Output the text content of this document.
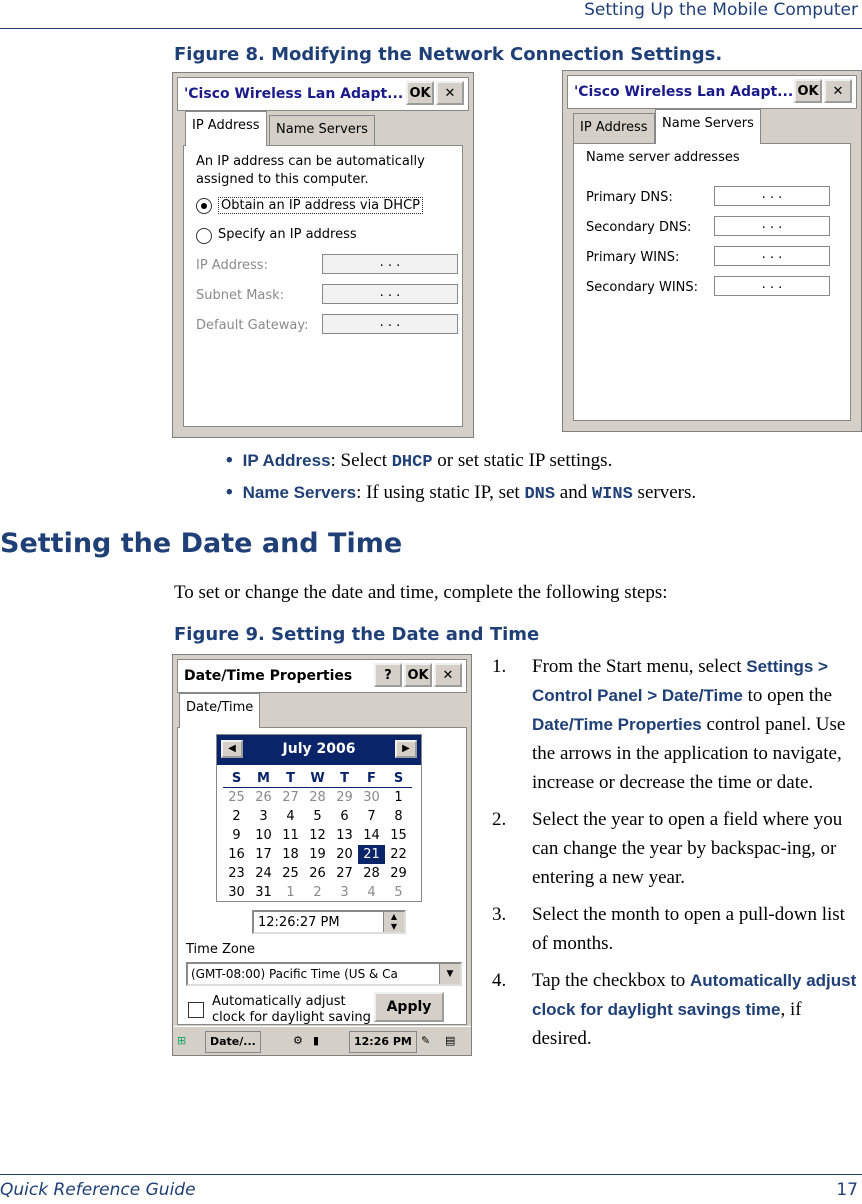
Setting Up the Mobile Computer
Figure 8. Modifying the Network Connection Settings.
'Cisco Wireless Lan Adapt... OK	✕
IP Address	Name Servers
An IP address can be automatically
assigned to this computer.
Obtain an IP address via DHCP
Specify an IP address
IP Address:	. . .
Subnet Mask:	. . .
Default Gateway:	. . .
'Cisco Wireless Lan Adapt... OK	✕
IP Address	Name Servers
Name server addresses
Primary DNS:	. . .
Secondary DNS:	. . .
Primary WINS:	. . .
Secondary WINS:	. . .
• IP Address: Select DHCP or set static IP settings.
• Name Servers: If using static IP, set DNS and WINS servers.
Setting the Date and Time
To set or change the date and time, complete the following steps:
Figure 9. Setting the Date and Time
Date/Time Properties	?	OK	✕
Date/Time
◀	July 2006	▶
S	M	T	W	T	F	S
25 26 27 28 29 30	1
2	3	4	5	6	7	8
9	10 11 12 13 14 15
16 17 18 19 20 21 22
23 24 25 26 27 28 29
30 31	1	2	3	4	5
12:26:27 PM	▲
▼
Time Zone
(GMT-08:00) Pacific Time (US & Ca	▼
Automatically adjust
clock for daylight saving
Apply
⊞	Date/...	⚙ ▮	12:26 PM ✎ ▤
1. From the Start menu, select Settings > Control Panel > Date/Time to open the Date/Time Properties control panel. Use the arrows in the application to navigate, increase or decrease the time or date.
2. Select the year to open a field where you can change the year by backspac-ing, or entering a new year.
3. Select the month to open a pull-down list of months.
4. Tap the checkbox to Automatically adjust clock for daylight savings time, if desired.
Quick Reference Guide	17
